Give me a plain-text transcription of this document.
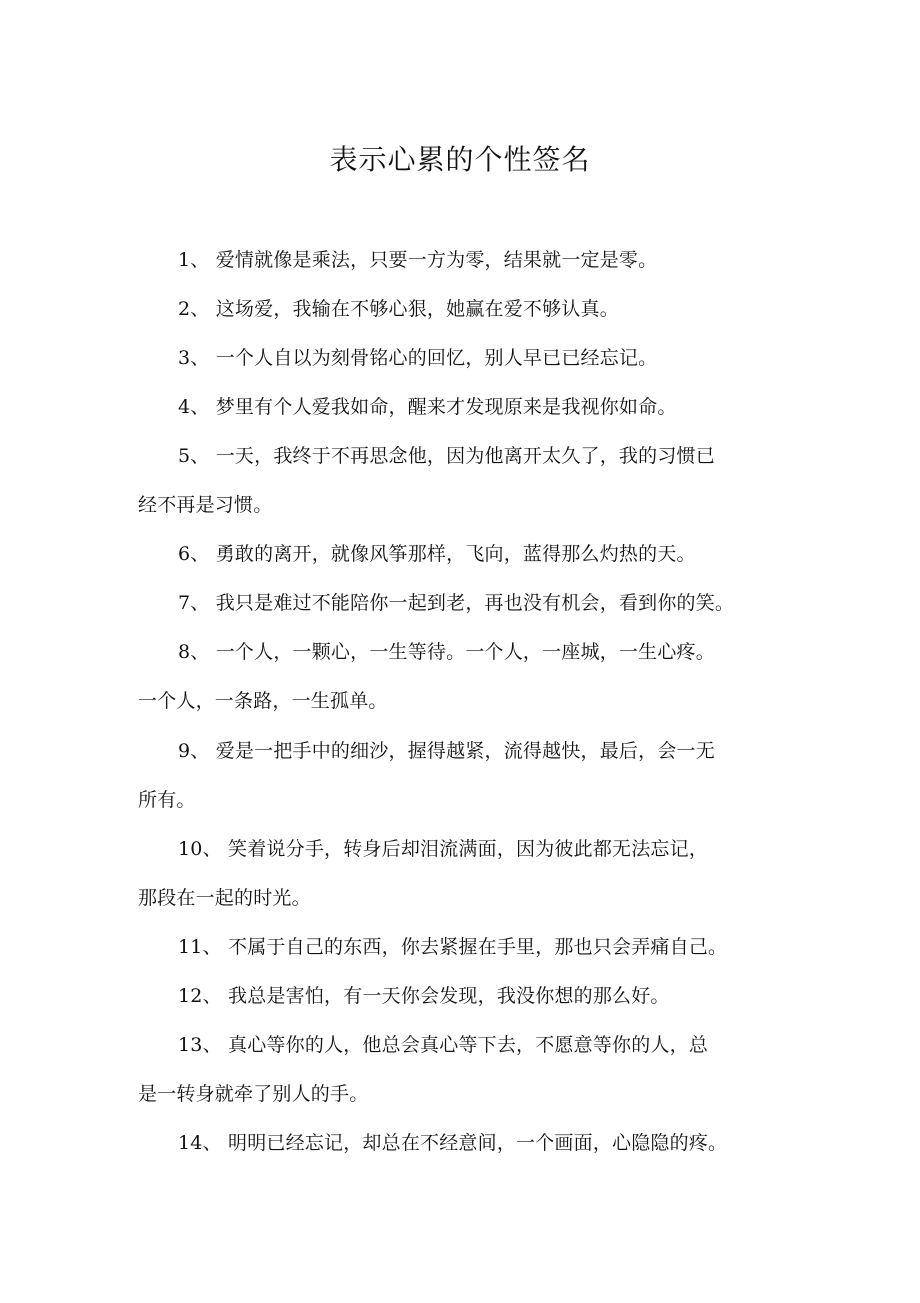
表示心累的个性签名
1、 爱情就像是乘法，只要一方为零，结果就一定是零。
2、 这场爱，我输在不够心狠，她赢在爱不够认真。
3、 一个人自以为刻骨铭心的回忆，别人早已已经忘记。
4、 梦里有个人爱我如命，醒来才发现原来是我视你如命。
5、 一天，我终于不再思念他，因为他离开太久了，我的习惯已
经不再是习惯。
6、 勇敢的离开，就像风筝那样，飞向，蓝得那么灼热的天。
7、 我只是难过不能陪你一起到老，再也没有机会，看到你的笑。
8、 一个人，一颗心，一生等待。一个人，一座城，一生心疼。
一个人，一条路，一生孤单。
9、 爱是一把手中的细沙，握得越紧，流得越快，最后，会一无
所有。
10、 笑着说分手，转身后却泪流满面，因为彼此都无法忘记，
那段在一起的时光。
11、 不属于自己的东西，你去紧握在手里，那也只会弄痛自己。
12、 我总是害怕，有一天你会发现，我没你想的那么好。
13、 真心等你的人，他总会真心等下去，不愿意等你的人，总
是一转身就牵了别人的手。
14、 明明已经忘记，却总在不经意间，一个画面，心隐隐的疼。
